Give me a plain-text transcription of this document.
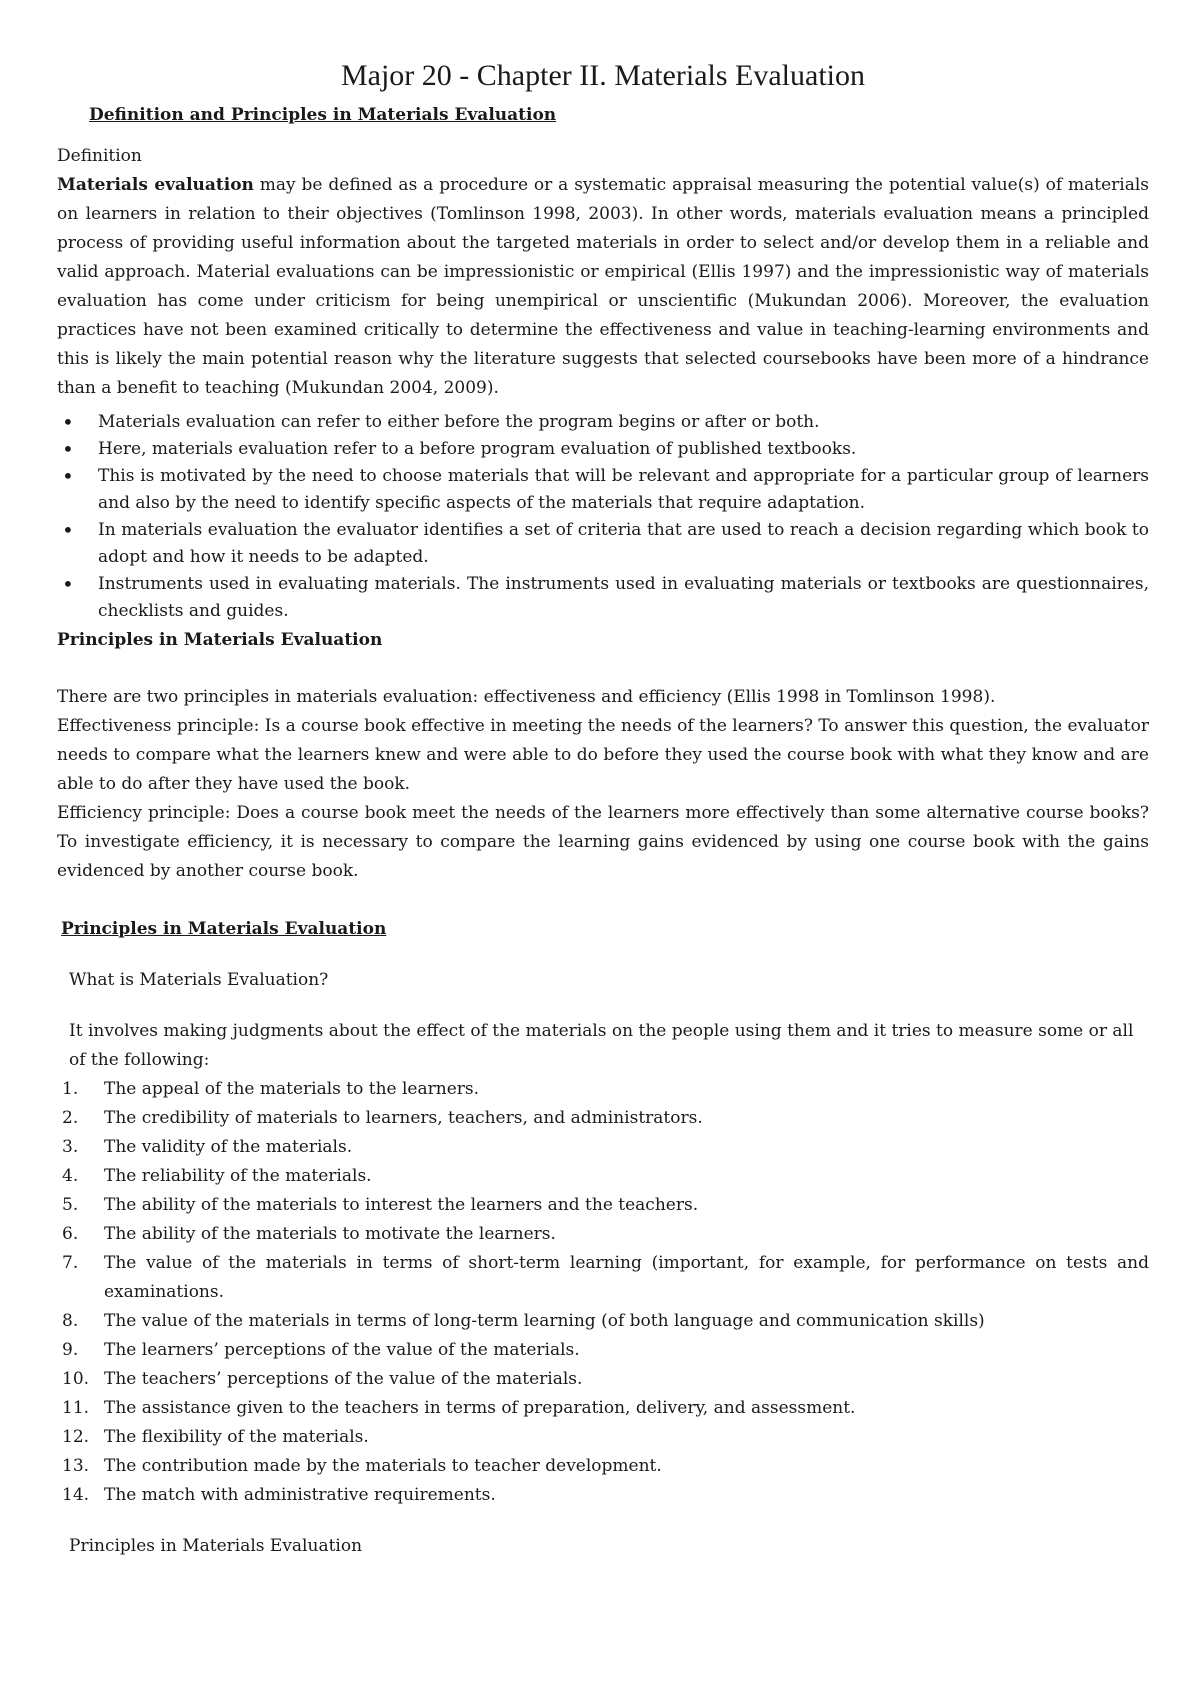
Major 20 - Chapter II. Materials Evaluation

Definition and Principles in Materials Evaluation

Definition

Materials evaluation may be defined as a procedure or a systematic appraisal measuring the potential value(s) of materials on learners in relation to their objectives (Tomlinson 1998, 2003). In other words, materials evaluation means a principled process of providing useful information about the targeted materials in order to select and/or develop them in a reliable and valid approach. Material evaluations can be impressionistic or empirical (Ellis 1997) and the impressionistic way of materials evaluation has come under criticism for being unempirical or unscientific (Mukundan 2006). Moreover, the evaluation practices have not been examined critically to determine the effectiveness and value in teaching-learning environments and this is likely the main potential reason why the literature suggests that selected coursebooks have been more of a hindrance than a benefit to teaching (Mukundan 2004, 2009).

• Materials evaluation can refer to either before the program begins or after or both.
• Here, materials evaluation refer to a before program evaluation of published textbooks.
• This is motivated by the need to choose materials that will be relevant and appropriate for a particular group of learners and also by the need to identify specific aspects of the materials that require adaptation.
• In materials evaluation the evaluator identifies a set of criteria that are used to reach a decision regarding which book to adopt and how it needs to be adapted.
• Instruments used in evaluating materials. The instruments used in evaluating materials or textbooks are questionnaires, checklists and guides.

Principles in Materials Evaluation

There are two principles in materials evaluation: effectiveness and efficiency (Ellis 1998 in Tomlinson 1998).

Effectiveness principle: Is a course book effective in meeting the needs of the learners? To answer this question, the evaluator needs to compare what the learners knew and were able to do before they used the course book with what they know and are able to do after they have used the book.

Efficiency principle: Does a course book meet the needs of the learners more effectively than some alternative course books? To investigate efficiency, it is necessary to compare the learning gains evidenced by using one course book with the gains evidenced by another course book.

Principles in Materials Evaluation

What is Materials Evaluation?

It involves making judgments about the effect of the materials on the people using them and it tries to measure some or all of the following:

1. The appeal of the materials to the learners.
2. The credibility of materials to learners, teachers, and administrators.
3. The validity of the materials.
4. The reliability of the materials.
5. The ability of the materials to interest the learners and the teachers.
6. The ability of the materials to motivate the learners.
7. The value of the materials in terms of short-term learning (important, for example, for performance on tests and examinations.
8. The value of the materials in terms of long-term learning (of both language and communication skills)
9. The learners’ perceptions of the value of the materials.
10. The teachers’ perceptions of the value of the materials.
11. The assistance given to the teachers in terms of preparation, delivery, and assessment.
12. The flexibility of the materials.
13. The contribution made by the materials to teacher development.
14. The match with administrative requirements.

Principles in Materials Evaluation
